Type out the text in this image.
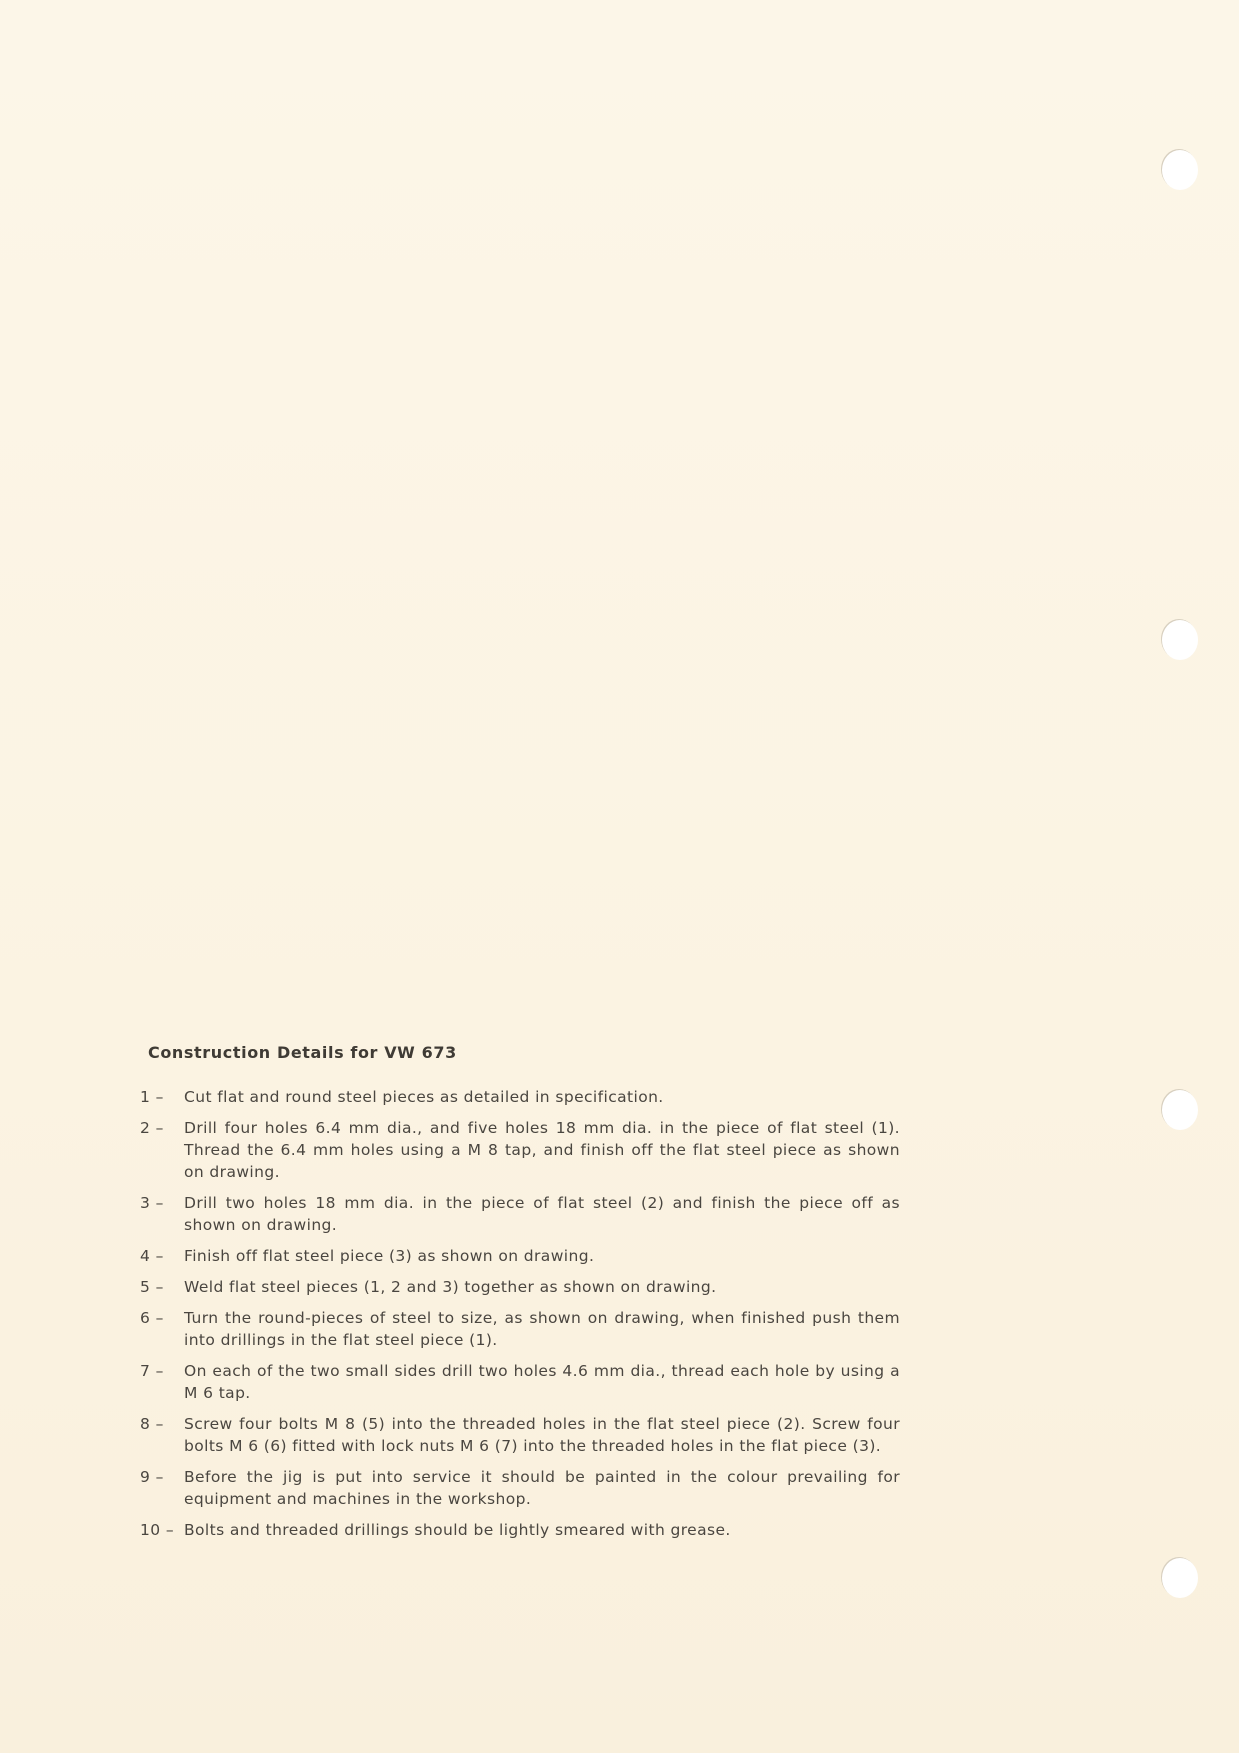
Construction Details for VW 673
1 –	Cut flat and round steel pieces as detailed in specification.
2 –	Drill four holes 6.4 mm dia., and five holes 18 mm dia. in the piece of flat steel (1). Thread the 6.4 mm holes using a M 8 tap, and finish off the flat steel piece as shown on drawing.
3 –	Drill two holes 18 mm dia. in the piece of flat steel (2) and finish the piece off as shown on drawing.
4 –	Finish off flat steel piece (3) as shown on drawing.
5 –	Weld flat steel pieces (1, 2 and 3) together as shown on drawing.
6 –	Turn the round-pieces of steel to size, as shown on drawing, when finished push them into drillings in the flat steel piece (1).
7 –	On each of the two small sides drill two holes 4.6 mm dia., thread each hole by using a M 6 tap.
8 –	Screw four bolts M 8 (5) into the threaded holes in the flat steel piece (2). Screw four bolts M 6 (6) fitted with lock nuts M 6 (7) into the threaded holes in the flat piece (3).
9 –	Before the jig is put into service it should be painted in the colour prevailing for equipment and machines in the workshop.
10 – Bolts and threaded drillings should be lightly smeared with grease.
